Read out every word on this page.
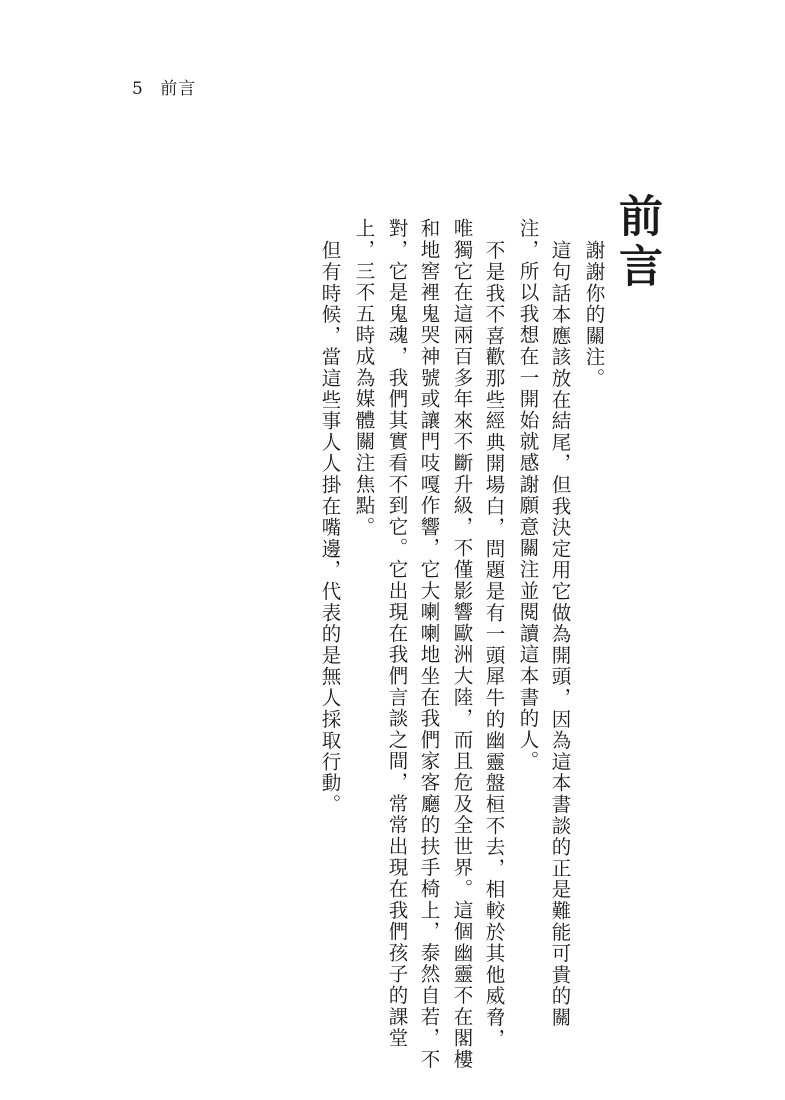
5 前言
前言
謝謝你的關注。
這句話本應該放在結尾，但我決定用它做為開頭，因為這本書談的正是難能可貴的關
注，所以我想在一開始就感謝願意關注並閱讀這本書的人。
不是我不喜歡那些經典開場白，問題是有一頭犀牛的幽靈盤桓不去，相較於其他威脅，
唯獨它在這兩百多年來不斷升級，不僅影響歐洲大陸，而且危及全世界。這個幽靈不在閣樓
和地窖裡鬼哭神號或讓門吱嘎作響，它大喇喇地坐在我們家客廳的扶手椅上，泰然自若，不
對，它是鬼魂，我們其實看不到它。它出現在我們言談之間，常常出現在我們孩子的課堂
上，三不五時成為媒體關注焦點。
但有時候，當這些事人人掛在嘴邊，代表的是無人採取行動。
